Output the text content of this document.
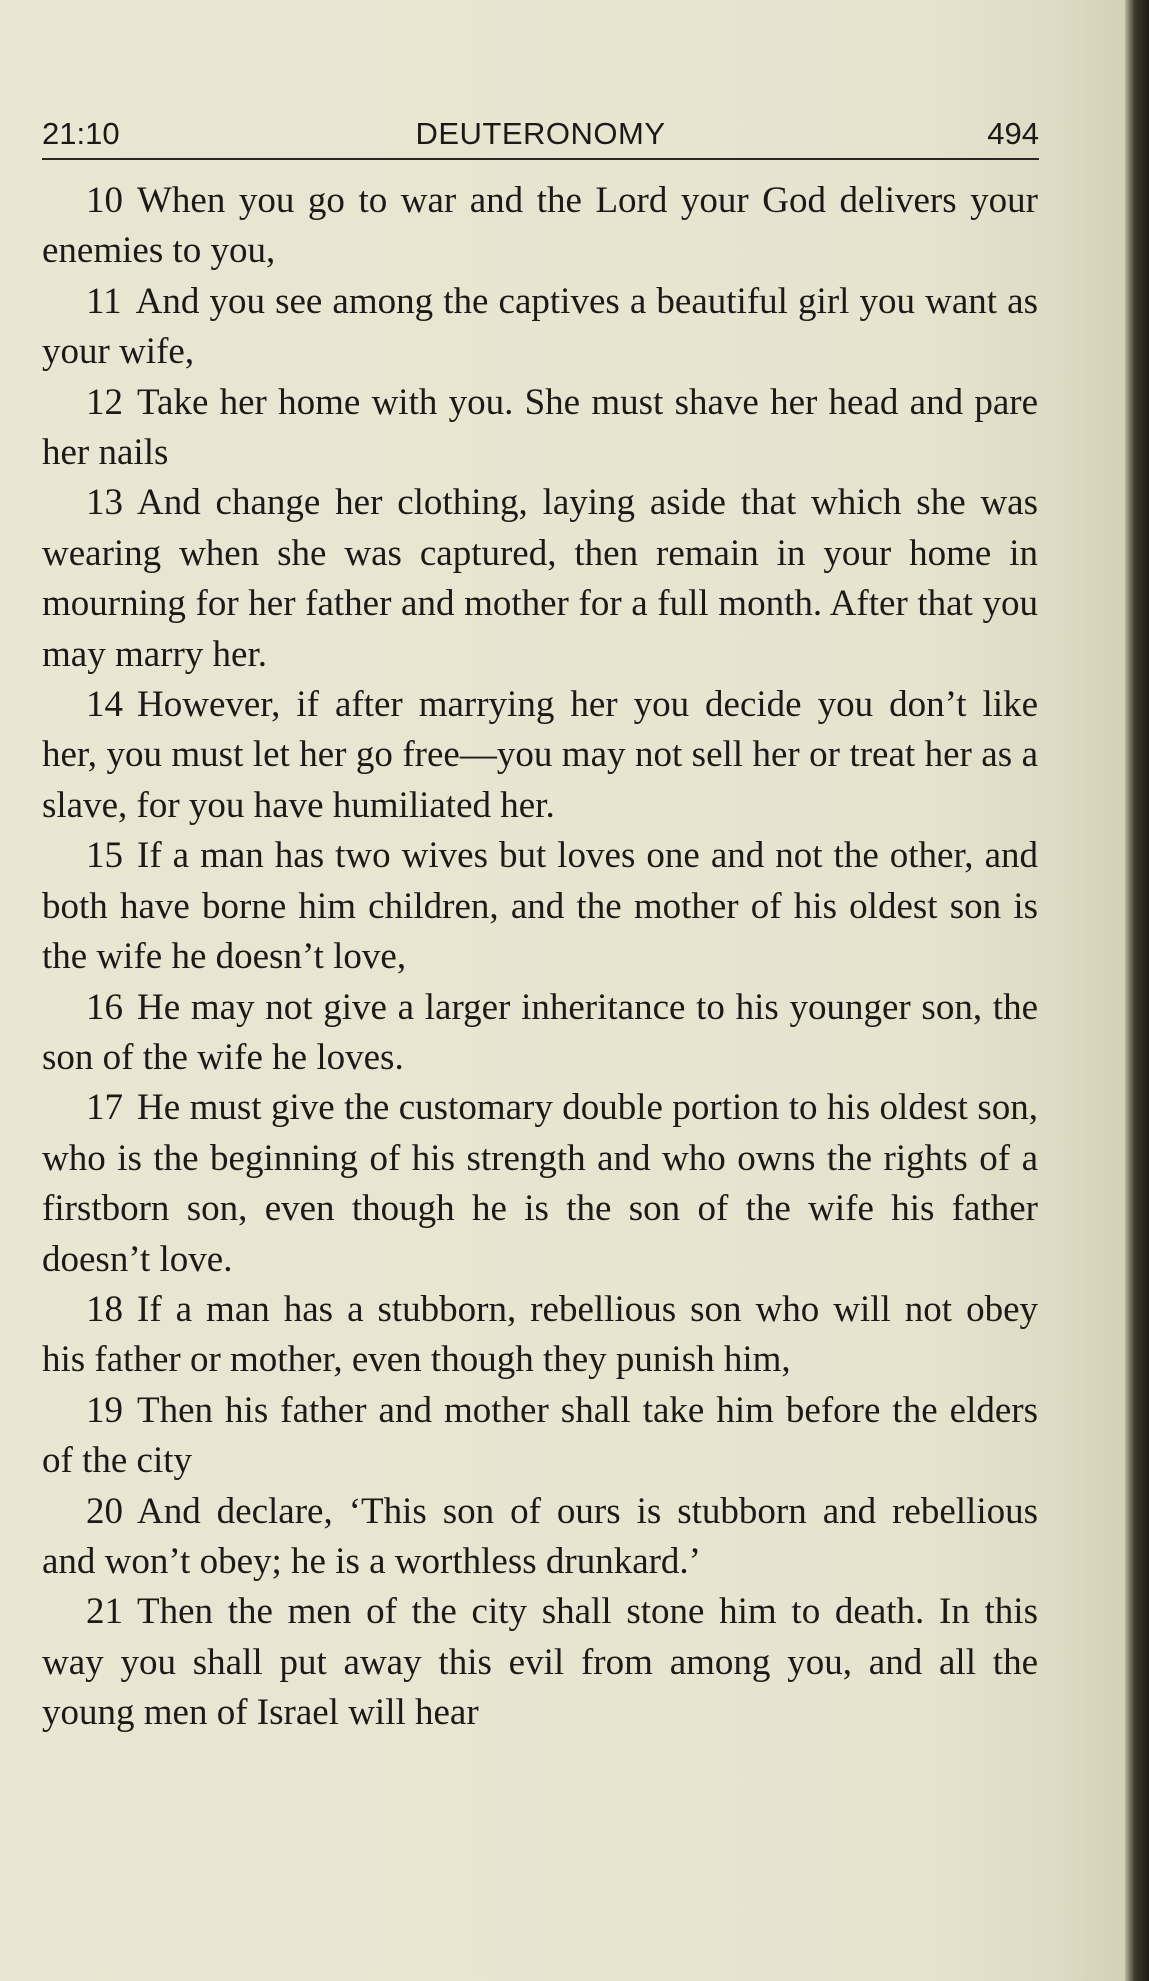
21:10	DEUTERONOMY	494

10 When you go to war and the Lord your God delivers your enemies to you,

11 And you see among the captives a beautiful girl you want as your wife,

12 Take her home with you. She must shave her head and pare her nails

13 And change her clothing, laying aside that which she was wearing when she was captured, then remain in your home in mourning for her father and mother for a full month. After that you may marry her.

14 However, if after marrying her you decide you don’t like her, you must let her go free—you may not sell her or treat her as a slave, for you have humiliated her.

15 If a man has two wives but loves one and not the other, and both have borne him children, and the mother of his oldest son is the wife he doesn’t love,

16 He may not give a larger inheritance to his younger son, the son of the wife he loves.

17 He must give the customary double portion to his oldest son, who is the beginning of his strength and who owns the rights of a firstborn son, even though he is the son of the wife his father doesn’t love.

18 If a man has a stubborn, rebellious son who will not obey his father or mother, even though they punish him,

19 Then his father and mother shall take him before the elders of the city

20 And declare, ‘This son of ours is stubborn and rebellious and won’t obey; he is a worthless drunkard.’

21 Then the men of the city shall stone him to death. In this way you shall put away this evil from among you, and all the young men of Israel will hear
